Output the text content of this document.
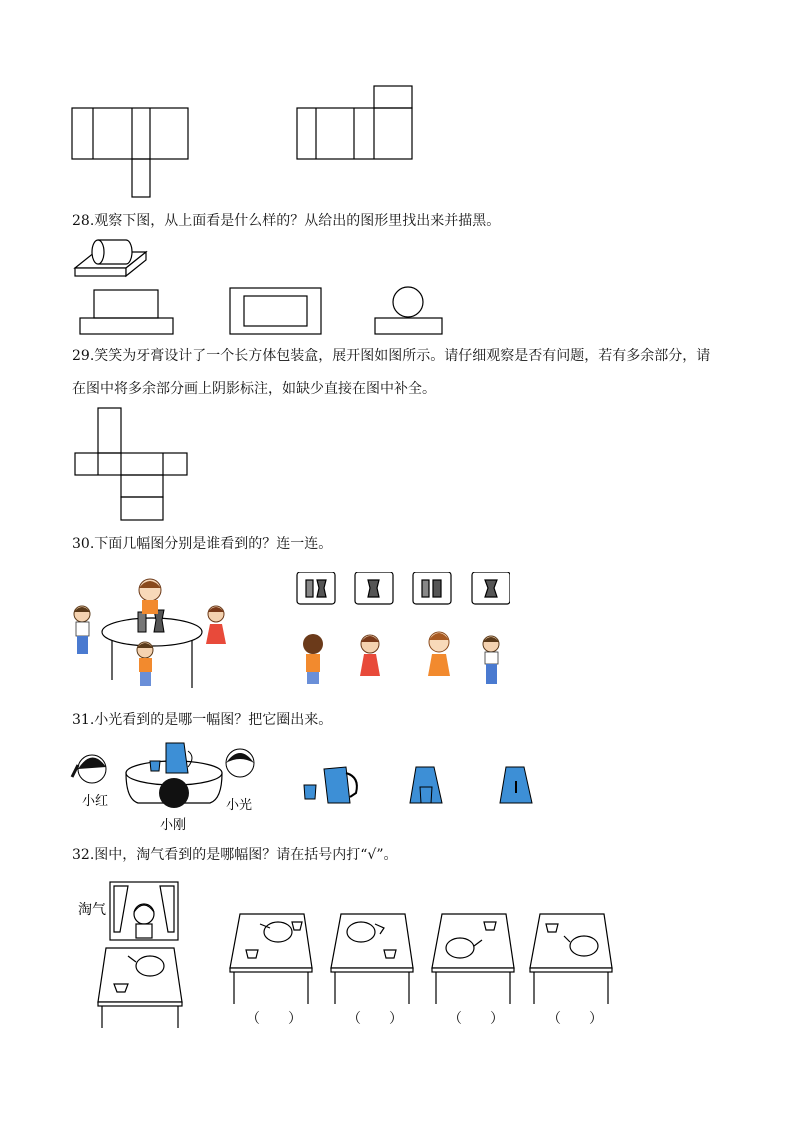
28.观察下图，从上面看是什么样的？从给出的图形里找出来并描黑。
29.笑笑为牙膏设计了一个长方体包装盒，展开图如图所示。请仔细观察是否有问题，若有多余部分，请
在图中将多余部分画上阴影标注，如缺少直接在图中补全。
30.下面几幅图分别是谁看到的？连一连。
31.小光看到的是哪一幅图？把它圈出来。
小红
小刚
小光
32.图中，淘气看到的是哪幅图？请在括号内打“√”。
淘气
（　　）	（　　）	（　　）	（　　）
